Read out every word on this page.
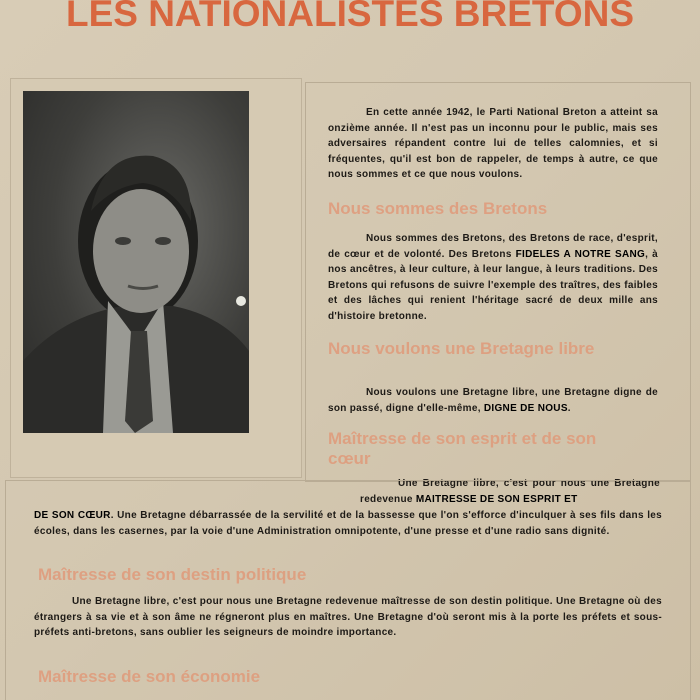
LES NATIONALISTES BRETONS

En cette année 1942, le Parti National Breton a atteint sa onzième année. Il n'est pas un inconnu pour le public, mais ses adversaires répandent contre lui de telles calomnies, et si fréquentes, qu'il est bon de rappeler, de temps à autre, ce que nous sommes et ce que nous voulons.

Nous sommes des Bretons

Nous sommes des Bretons, des Bretons de race, d'esprit, de cœur et de volonté. Des Bretons FIDELES A NOTRE SANG, à nos ancêtres, à leur culture, à leur langue, à leurs traditions. Des Bretons qui refusons de suivre l'exemple des traîtres, des faibles et des lâches qui renient l'héritage sacré de deux mille ans d'histoire bretonne.

Nous voulons une Bretagne libre

Nous voulons une Bretagne libre, une Bretagne digne de son passé, digne d'elle-même, DIGNE DE NOUS.

Maîtresse de son esprit et de son cœur

Une Bretagne libre, c'est pour nous une Bretagne redevenue MAITRESSE DE SON ESPRIT ET

DE SON CŒUR. Une Bretagne débarrassée de la servilité et de la bassesse que l'on s'efforce d'inculquer à ses fils dans les écoles, dans les casernes, par la voie d'une Administration omnipotente, d'une presse et d'une radio sans dignité.

Maîtresse de son destin politique

Une Bretagne libre, c'est pour nous une Bretagne redevenue maîtresse de son destin politique. Une Bretagne où des étrangers à sa vie et à son âme ne régneront plus en maîtres. Une Bretagne d'où seront mis à la porte les préfets et sous-préfets anti-bretons, sans oublier les seigneurs de moindre importance.

Maîtresse de son économie
